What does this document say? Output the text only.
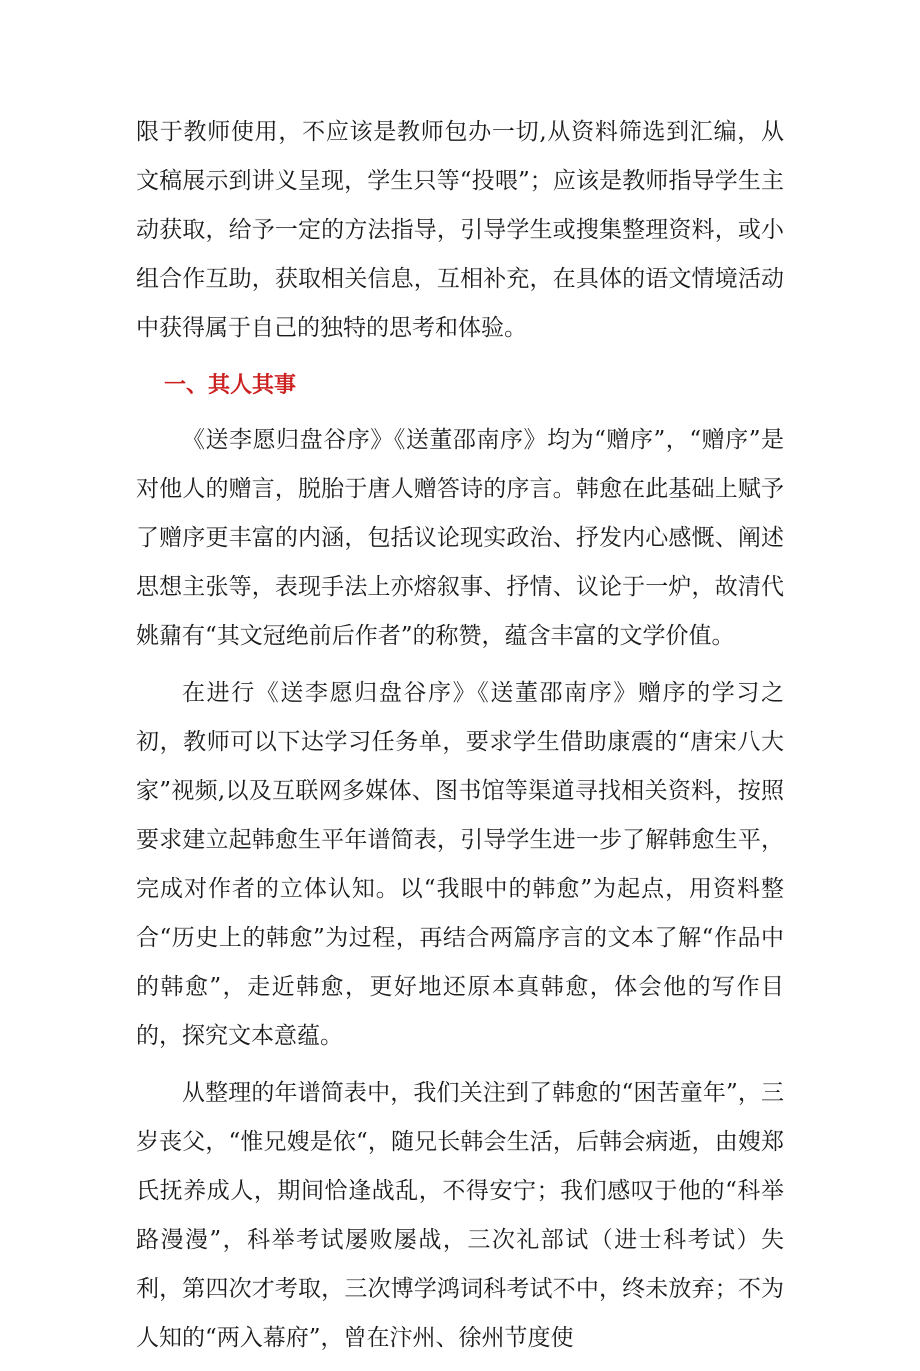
限于教师使用，不应该是教师包办一切,从资料筛选到汇编，从文稿展示到讲义呈现，学生只等“投喂”；应该是教师指导学生主动获取，给予一定的方法指导，引导学生或搜集整理资料，或小组合作互助，获取相关信息，互相补充，在具体的语文情境活动中获得属于自己的独特的思考和体验。

一、其人其事

《送李愿归盘谷序》《送董邵南序》均为“赠序”，“赠序”是对他人的赠言，脱胎于唐人赠答诗的序言。韩愈在此基础上赋予了赠序更丰富的内涵，包括议论现实政治、抒发内心感慨、阐述思想主张等，表现手法上亦熔叙事、抒情、议论于一炉，故清代姚鼐有“其文冠绝前后作者”的称赞，蕴含丰富的文学价值。

在进行《送李愿归盘谷序》《送董邵南序》赠序的学习之初，教师可以下达学习任务单，要求学生借助康震的“唐宋八大家”视频,以及互联网多媒体、图书馆等渠道寻找相关资料，按照要求建立起韩愈生平年谱简表，引导学生进一步了解韩愈生平，完成对作者的立体认知。以“我眼中的韩愈”为起点，用资料整合“历史上的韩愈”为过程，再结合两篇序言的文本了解“作品中的韩愈”，走近韩愈，更好地还原本真韩愈，体会他的写作目的，探究文本意蕴。

从整理的年谱简表中，我们关注到了韩愈的“困苦童年”，三岁丧父，“惟兄嫂是依“，随兄长韩会生活，后韩会病逝，由嫂郑氏抚养成人，期间恰逢战乱，不得安宁；我们感叹于他的“科举路漫漫”，科举考试屡败屡战，三次礼部试（进士科考试）失利，第四次才考取，三次博学鸿词科考试不中，终未放弃；不为人知的“两入幕府”，曾在汴州、徐州节度使
